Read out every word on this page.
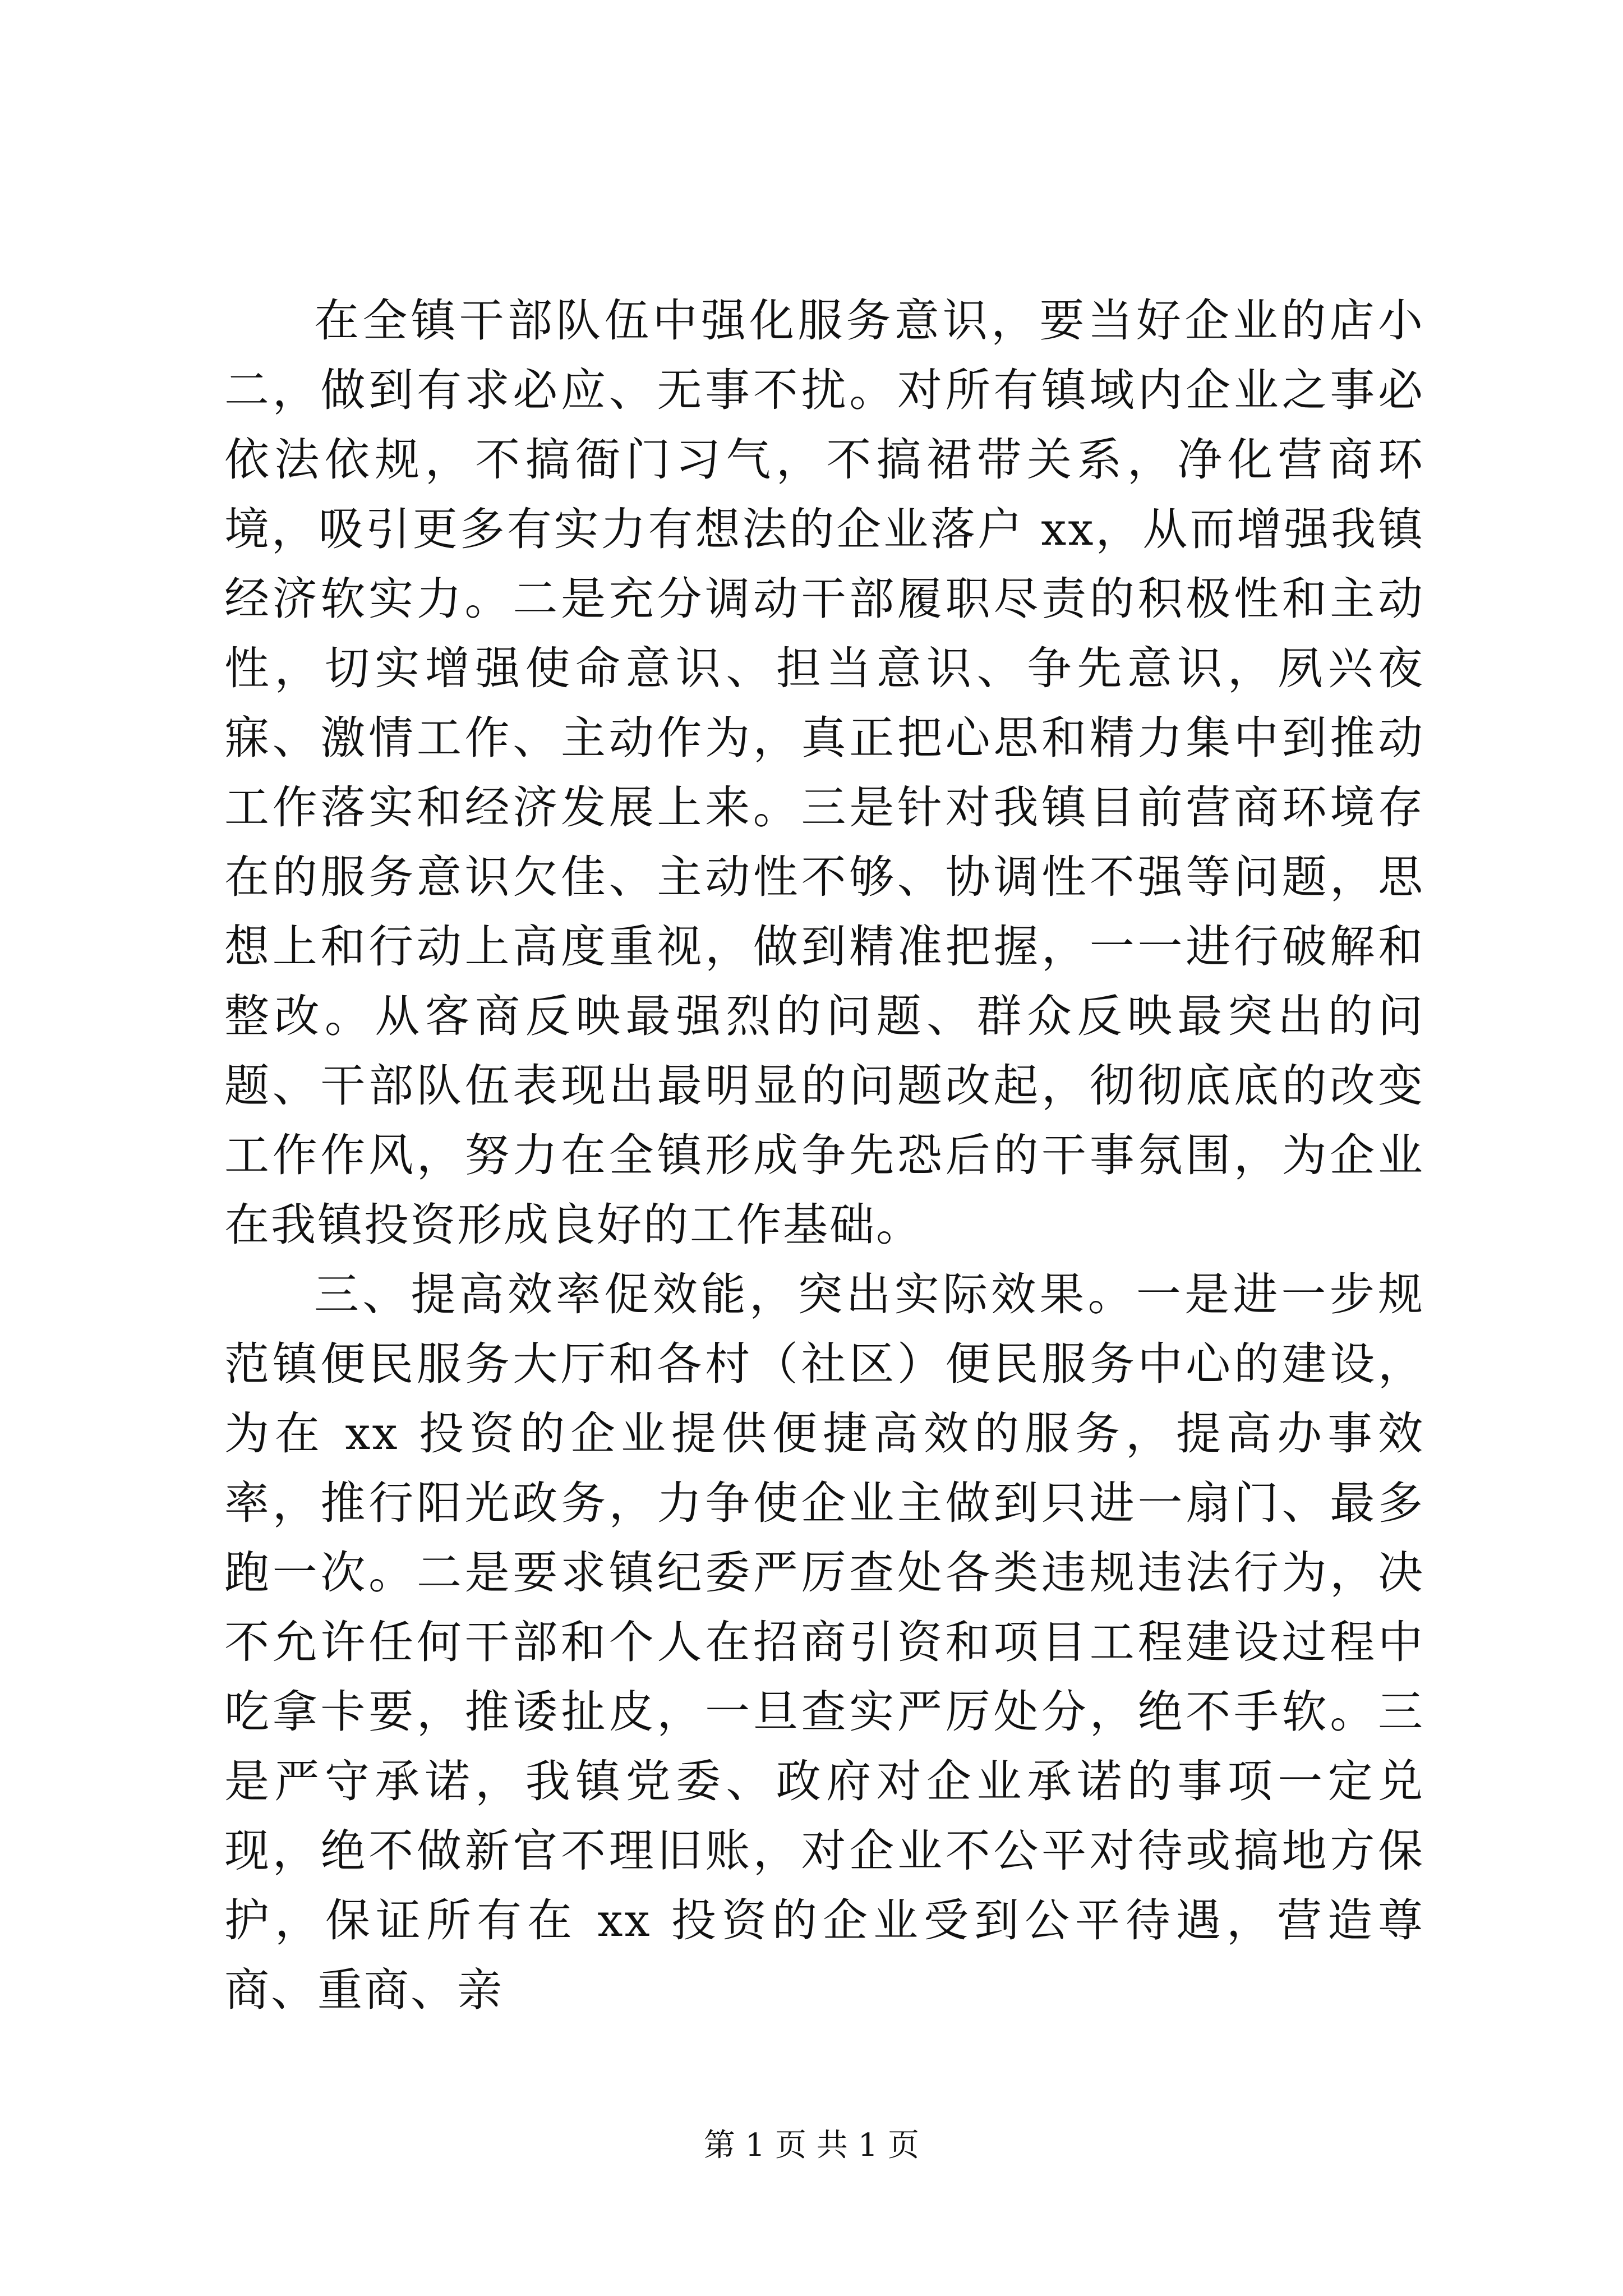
在全镇干部队伍中强化服务意识，要当好企业的店小二，做到有求必应、无事不扰。对所有镇域内企业之事必依法依规，不搞衙门习气，不搞裙带关系，净化营商环境，吸引更多有实力有想法的企业落户 xx，从而增强我镇经济软实力。二是充分调动干部履职尽责的积极性和主动性，切实增强使命意识、担当意识、争先意识，夙兴夜寐、激情工作、主动作为，真正把心思和精力集中到推动工作落实和经济发展上来。三是针对我镇目前营商环境存在的服务意识欠佳、主动性不够、协调性不强等问题，思想上和行动上高度重视，做到精准把握，一一进行破解和整改。从客商反映最强烈的问题、群众反映最突出的问题、干部队伍表现出最明显的问题改起，彻彻底底的改变工作作风，努力在全镇形成争先恐后的干事氛围，为企业在我镇投资形成良好的工作基础。

三、提高效率促效能，突出实际效果。一是进一步规范镇便民服务大厅和各村（社区）便民服务中心的建设，为在 xx 投资的企业提供便捷高效的服务，提高办事效率，推行阳光政务，力争使企业主做到只进一扇门、最多跑一次。二是要求镇纪委严厉查处各类违规违法行为，决不允许任何干部和个人在招商引资和项目工程建设过程中吃拿卡要，推诿扯皮，一旦查实严厉处分，绝不手软。三是严守承诺，我镇党委、政府对企业承诺的事项一定兑现，绝不做新官不理旧账，对企业不公平对待或搞地方保护，保证所有在 xx 投资的企业受到公平待遇，营造尊商、重商、亲

第 1 页 共 1 页
